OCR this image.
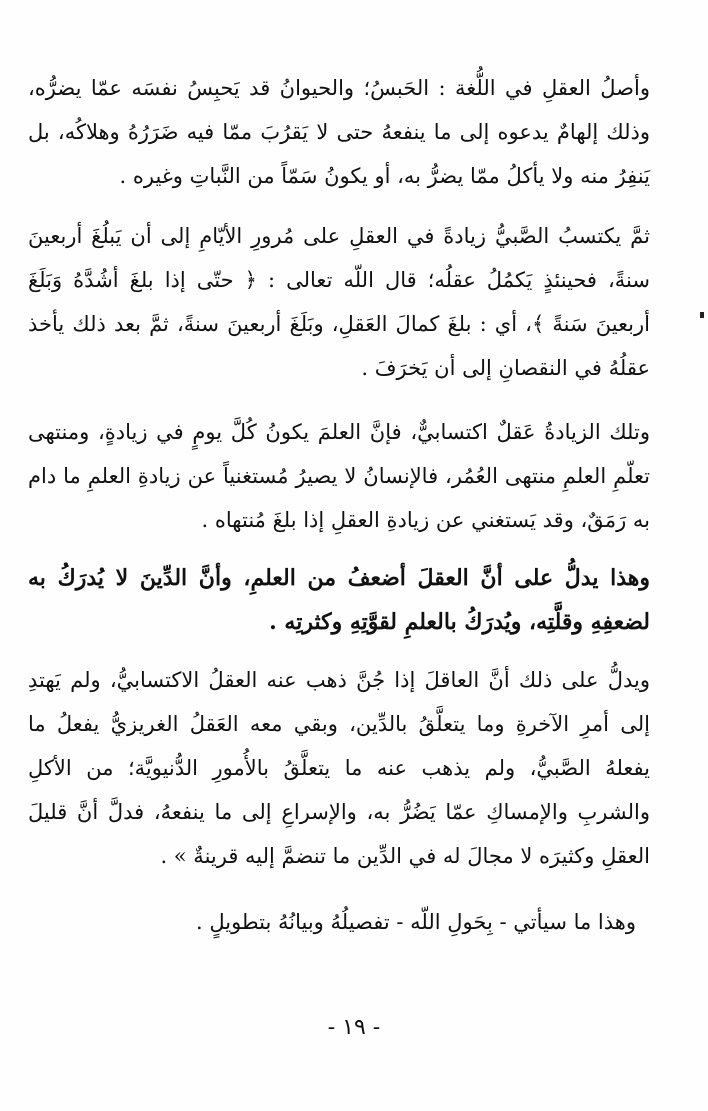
وأصلُ العقلِ في اللُّغة : الحَبسُ؛ والحيوانُ قد يَحبِسُ نفسَه عمّا يضرُّه، وذلك إلهامٌ يدعوه إلى ما ينفعهُ حتى لا يَقرُبَ ممّا فيه ضَرَرُهُ وهلاكُه، بل يَنفِرُ منه ولا يأكلُ ممّا يضرُّ به، أو يكونُ سَمّاً من النَّباتِ وغيره .

ثمَّ يكتسبُ الصَّبيُّ زيادةً في العقلِ على مُرورِ الأيّامِ إلى أن يَبلُغَ أربعينَ سنةً، فحينئذٍ يَكمُلُ عقلُه؛ قال اللّه تعالى : ﴿ حتّى إذا بلغَ أشُدَّهُ وَبَلَغَ أربعينَ سَنةً ﴾، أي : بلغَ كمالَ العَقلِ، وبَلَغَ أربعينَ سنةً، ثمَّ بعد ذلك يأخذ عقلُهُ في النقصانِ إلى أن يَخرَفَ .

وتلك الزيادةُ عَقلٌ اكتسابيٌّ، فإنَّ العلمَ يكونُ كُلَّ يومٍ في زيادةٍ، ومنتهى تعلّمِ العلمِ منتهى العُمُر، فالإنسانُ لا يصيرُ مُستغنياً عن زيادةِ العلمِ ما دام به رَمَقٌ، وقد يَستغني عن زيادةِ العقلِ إذا بلغَ مُنتهاه .

وهذا يدلُّ على أنَّ العقلَ أضعفُ من العلمِ، وأنَّ الدِّينَ لا يُدرَكُ به لضعفِهِ وقلَّتِه، ويُدرَكُ بالعلمِ لقوَّتِهِ وكثرتِه .

ويدلُّ على ذلك أنَّ العاقلَ إذا جُنَّ ذهب عنه العقلُ الاكتسابيُّ، ولم يَهتدِ إلى أمرِ الآخرةِ وما يتعلَّقُ بالدِّين، وبقي معه العَقلُ الغريزيُّ يفعلُ ما يفعلهُ الصَّبيُّ، ولم يذهب عنه ما يتعلَّقُ بالأُمورِ الدُّنيويَّة؛ من الأكلِ والشربِ والإمساكِ عمّا يَضُرُّ به، والإسراعِ إلى ما ينفعهُ، فدلَّ أنَّ قليلَ العقلِ وكثيرَه لا مجالَ له في الدِّين ما تنضمَّ إليه قرينةٌ » .

وهذا ما سيأتي - بِحَولِ اللّه - تفصيلُهُ وبيانُهُ بتطويلٍ .

- ١٩ -
